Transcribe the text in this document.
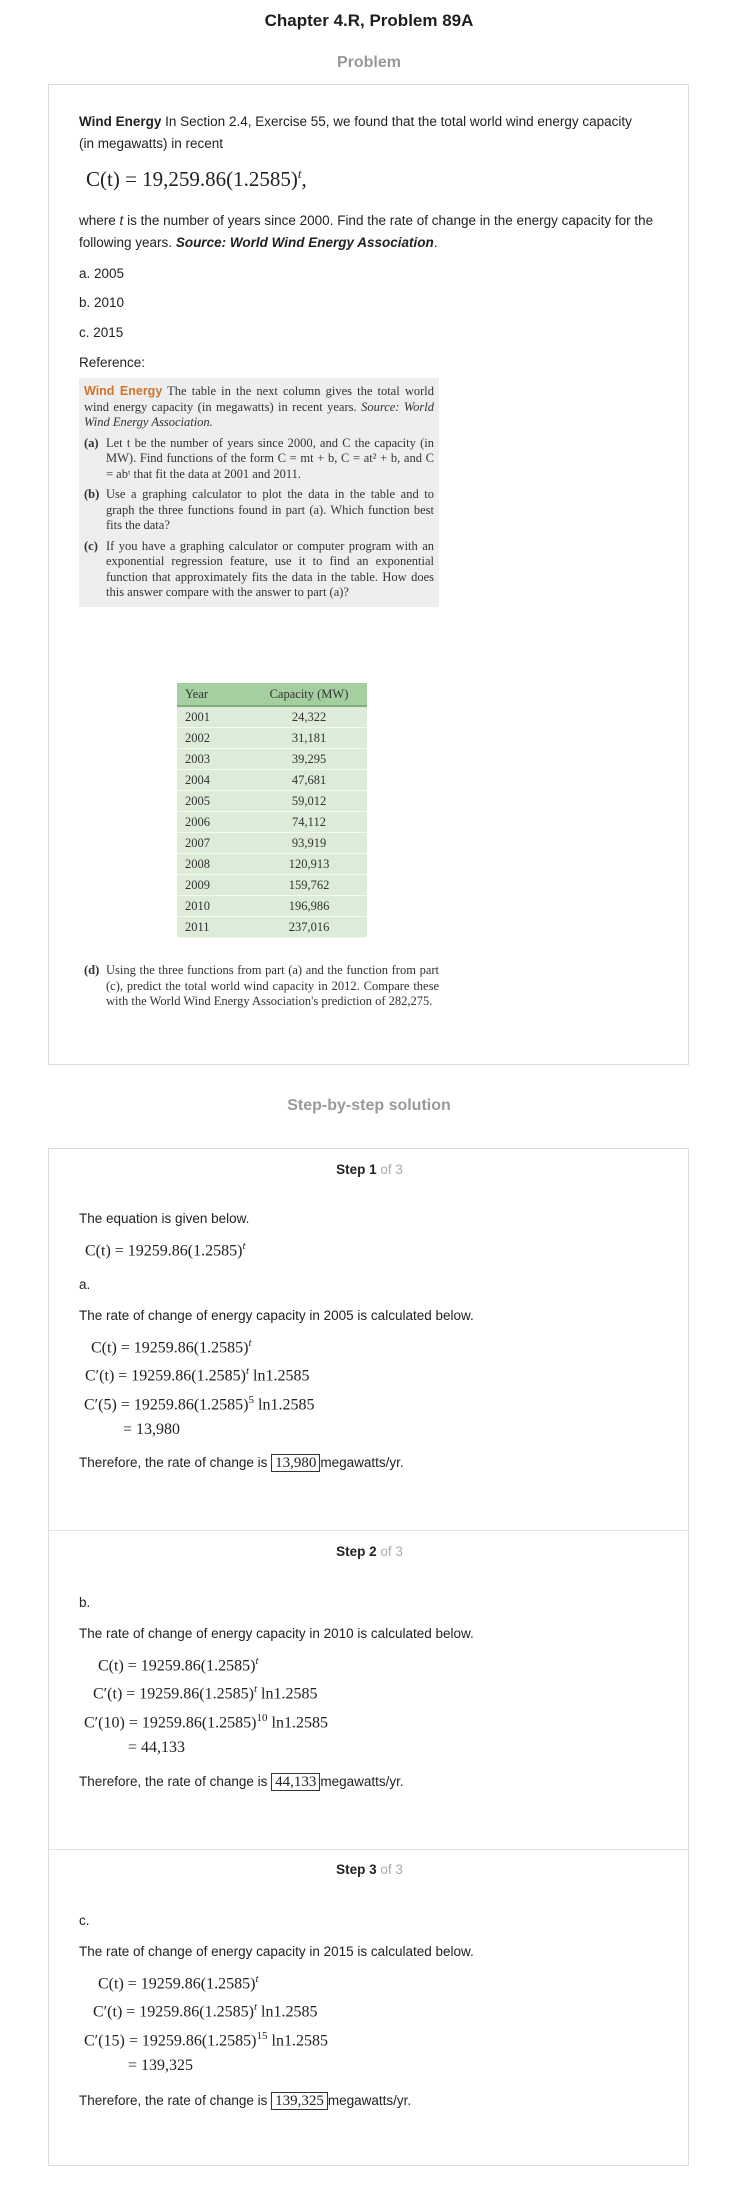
Chapter 4.R, Problem 89A
Problem
Wind Energy In Section 2.4, Exercise 55, we found that the total world wind energy capacity (in megawatts) in recent
$C(t) = 19,259.86(1.2585)^t$,
where t is the number of years since 2000. Find the rate of change in the energy capacity for the following years. Source: World Wind Energy Association.
a. 2005
b. 2010
c. 2015
Reference:
Wind Energy The table in the next column gives the total world wind energy capacity (in megawatts) in recent years. Source: World Wind Energy Association.
(a) Let t be the number of years since 2000, and C the capacity (in MW). Find functions of the form C = mt + b, C = at² + b, and C = abᵗ that fit the data at 2001 and 2011.
(b) Use a graphing calculator to plot the data in the table and to graph the three functions found in part (a). Which function best fits the data?
(c) If you have a graphing calculator or computer program with an exponential regression feature, use it to find an exponential function that approximately fits the data in the table. How does this answer compare with the answer to part (a)?
Year	Capacity (MW)
2001	24,322
2002	31,181
2003	39,295
2004	47,681
2005	59,012
2006	74,112
2007	93,919
2008	120,913
2009	159,762
2010	196,986
2011	237,016
(d) Using the three functions from part (a) and the function from part (c), predict the total world wind capacity in 2012. Compare these with the World Wind Energy Association's prediction of 282,275.
Step-by-step solution
Step 1 of 3
Step 2 of 3
Step 3 of 3
The equation is given below.
$C(t) = 19259.86(1.2585)^t$
a.
The rate of change of energy capacity in 2005 is calculated below.
$C(t) = 19259.86(1.2585)^t$
$C'(t) = 19259.86(1.2585)^t$ ln1.2585
$C'(5) = 19259.86(1.2585)^5$ ln1.2585
= 13,980
Therefore, the rate of change is 13,980 megawatts/yr.
b.
The rate of change of energy capacity in 2010 is calculated below.
$C(t) = 19259.86(1.2585)^t$
$C'(t) = 19259.86(1.2585)^t$ ln1.2585
$C'(10) = 19259.86(1.2585)^{10}$ ln1.2585
= 44,133
Therefore, the rate of change is 44,133 megawatts/yr.
c.
The rate of change of energy capacity in 2015 is calculated below.
$C(t) = 19259.86(1.2585)^t$
$C'(t) = 19259.86(1.2585)^t$ ln1.2585
$C'(15) = 19259.86(1.2585)^{15}$ ln1.2585
= 139,325
Therefore, the rate of change is 139,325 megawatts/yr.
